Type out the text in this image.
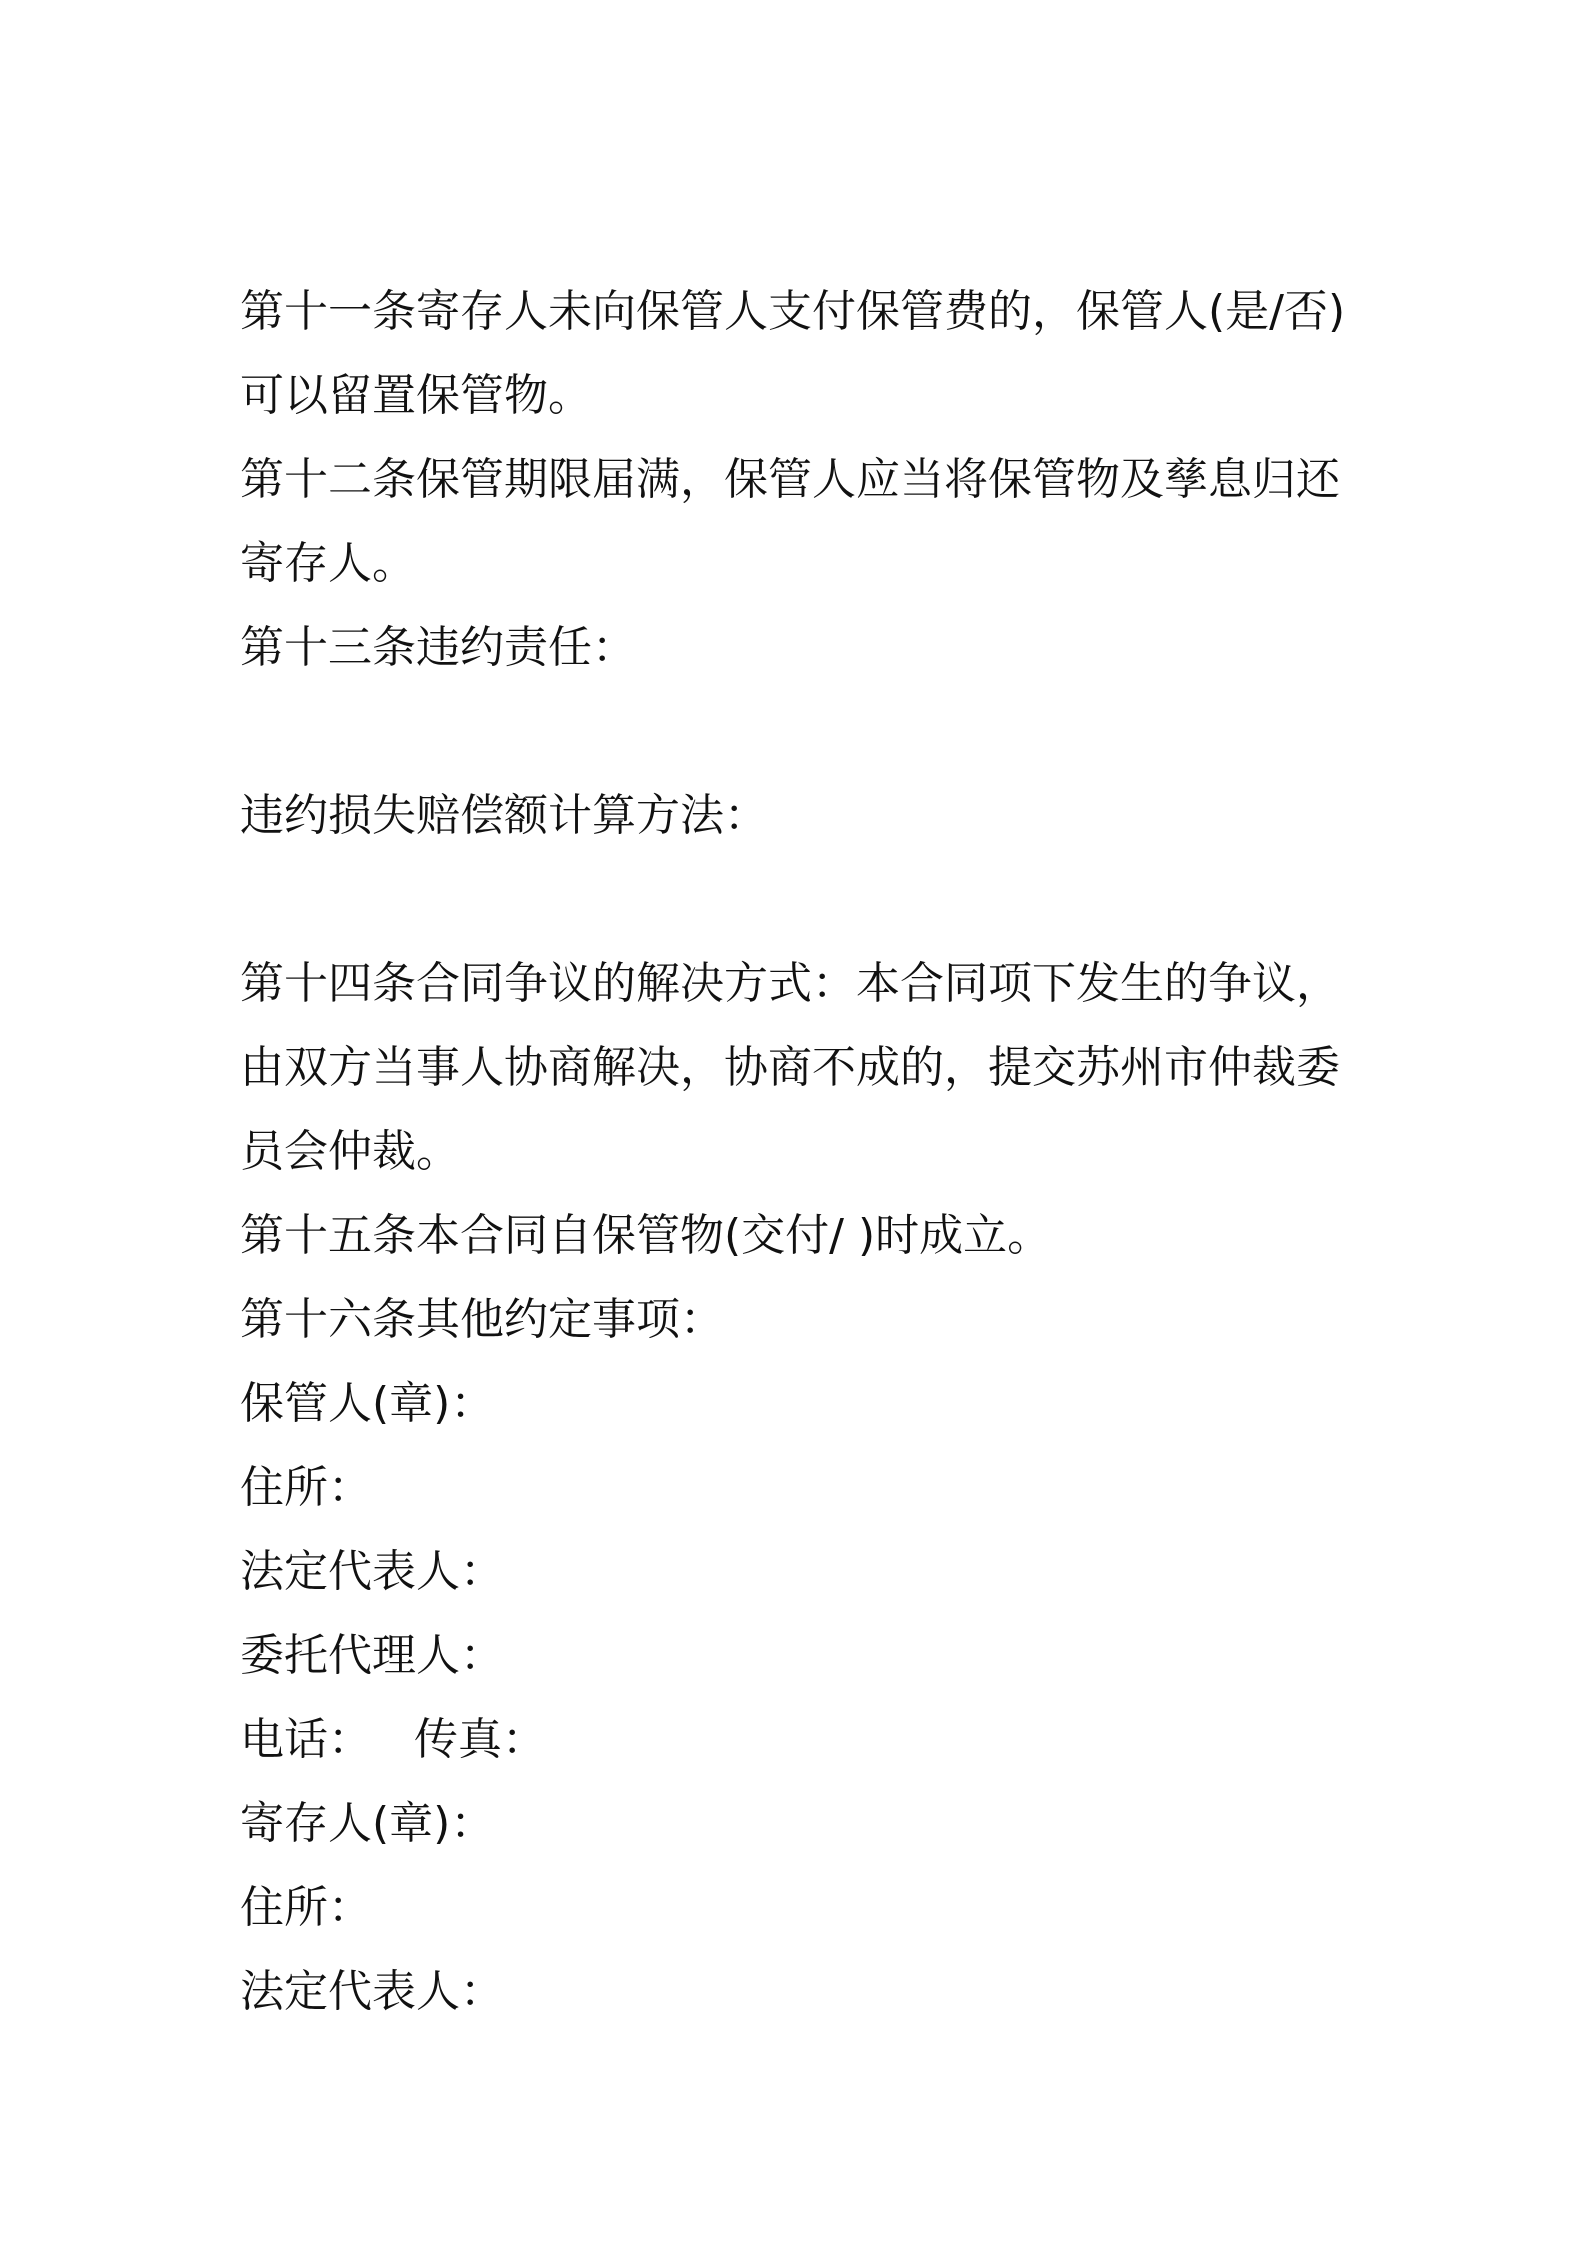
第十一条寄存人未向保管人支付保管费的，保管人(是/否)可以留置保管物。

第十二条保管期限届满，保管人应当将保管物及孳息归还寄存人。

第十三条违约责任：

违约损失赔偿额计算方法：

第十四条合同争议的解决方式：本合同项下发生的争议，由双方当事人协商解决，协商不成的，提交苏州市仲裁委员会仲裁。

第十五条本合同自保管物(交付/ )时成立。

第十六条其他约定事项：

保管人(章)：

住所：

法定代表人：

委托代理人：

电话：   传真：

寄存人(章)：

住所：

法定代表人：
